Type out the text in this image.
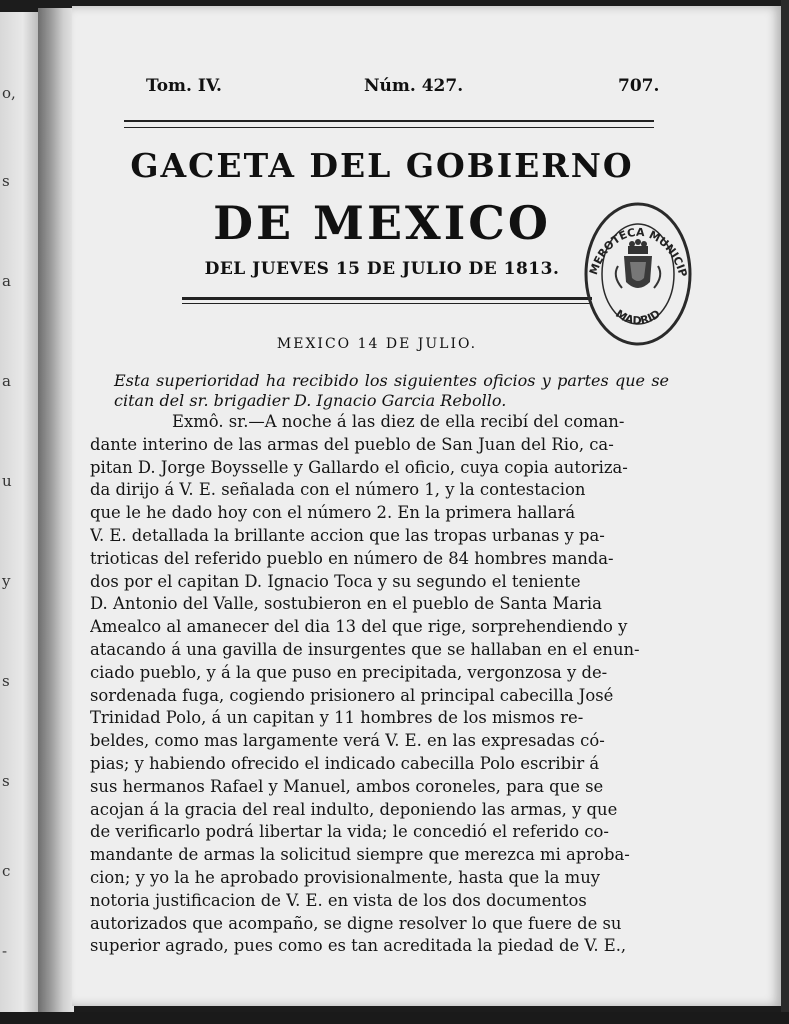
o,
s
a
a
u
y
s
s
c
-
Tom. IV.	Núm. 427.	707.
GACETA DEL GOBIERNO
DE MEXICO
DEL JUEVES 15 DE JULIO DE 1813.	MEROTECA MUNICIP
MADRID
MEXICO 14 DE JULIO.
Esta superioridad ha recibido los siguientes oficios y partes que se citan del sr. brigadier D. Ignacio Garcia Rebollo.
Exmô. sr.—A noche á las diez de ella recibí del coman-
dante interino de las armas del pueblo de San Juan del Rio, ca-
pitan D. Jorge Boysselle y Gallardo el oficio, cuya copia autoriza-
da dirijo á V. E. señalada con el número 1, y la contestacion
que le he dado hoy con el número 2. En la primera hallará
V. E. detallada la brillante accion que las tropas urbanas y pa-
trioticas del referido pueblo en número de 84 hombres manda-
dos por el capitan D. Ignacio Toca y su segundo el teniente
D. Antonio del Valle, sostubieron en el pueblo de Santa Maria
Amealco al amanecer del dia 13 del que rige, sorprehendiendo y
atacando á una gavilla de insurgentes que se hallaban en el enun-
ciado pueblo, y á la que puso en precipitada, vergonzosa y de-
sordenada fuga, cogiendo prisionero al principal cabecilla José
Trinidad Polo, á un capitan y 11 hombres de los mismos re-
beldes, como mas largamente verá V. E. en las expresadas có-
pias; y habiendo ofrecido el indicado cabecilla Polo escribir á
sus hermanos Rafael y Manuel, ambos coroneles, para que se
acojan á la gracia del real indulto, deponiendo las armas, y que
de verificarlo podrá libertar la vida; le concedió el referido co-
mandante de armas la solicitud siempre que merezca mi aproba-
cion; y yo la he aprobado provisionalmente, hasta que la muy
notoria justificacion de V. E. en vista de los dos documentos
autorizados que acompaño, se digne resolver lo que fuere de su
superior agrado, pues como es tan acreditada la piedad de V. E.,
